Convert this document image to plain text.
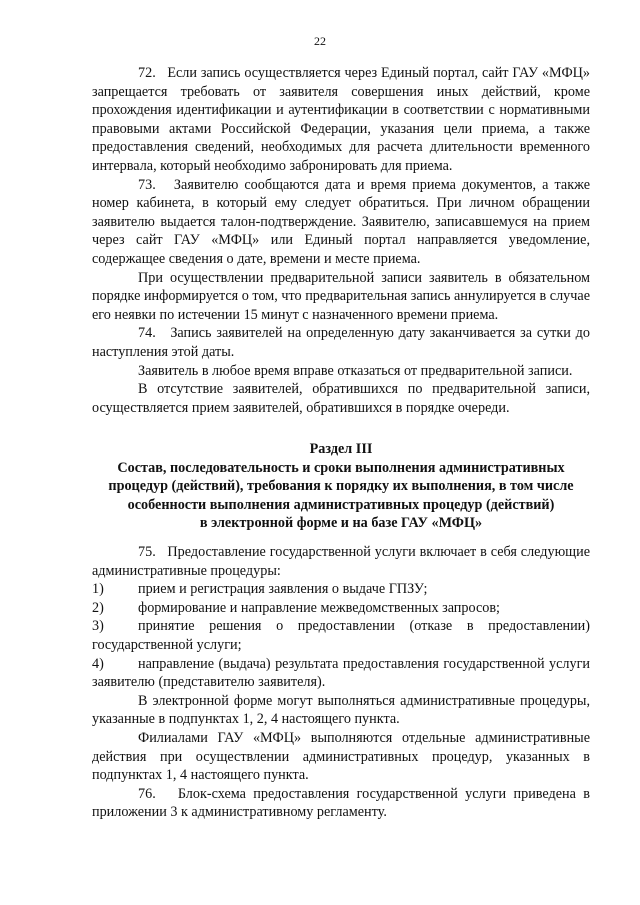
22

72.   Если запись осуществляется через Единый портал, сайт ГАУ «МФЦ» запрещается требовать от заявителя совершения иных действий, кроме прохождения идентификации и аутентификации в соответствии с нормативными правовыми актами Российской Федерации, указания цели приема, а также предоставления сведений, необходимых для расчета длительности временного интервала, который необходимо забронировать для приема.

73.   Заявителю сообщаются дата и время приема документов, а также номер кабинета, в который ему следует обратиться. При личном обращении заявителю выдается талон-подтверждение. Заявителю, записавшемуся на прием через сайт ГАУ «МФЦ» или Единый портал направляется уведомление, содержащее сведения о дате, времени и месте приема.

При осуществлении предварительной записи заявитель в обязательном порядке информируется о том, что предварительная запись аннулируется в случае его неявки по истечении 15 минут с назначенного времени приема.

74.   Запись заявителей на определенную дату заканчивается за сутки до наступления этой даты.

Заявитель в любое время вправе отказаться от предварительной записи.

В отсутствие заявителей, обратившихся по предварительной записи, осуществляется прием заявителей, обратившихся в порядке очереди.

Раздел III
Состав, последовательность и сроки выполнения административных
процедур (действий), требования к порядку их выполнения, в том числе
особенности выполнения административных процедур (действий)
в электронной форме и на базе ГАУ «МФЦ»

75.   Предоставление государственной услуги включает в себя следующие административные процедуры:

1) прием и регистрация заявления о выдаче ГПЗУ;

2) формирование и направление межведомственных запросов;

3) принятие решения о предоставлении (отказе в предоставлении) государственной услуги;

4) направление (выдача) результата предоставления государственной услуги заявителю (представителю заявителя).

В электронной форме могут выполняться административные процедуры, указанные в подпунктах 1, 2, 4 настоящего пункта.

Филиалами ГАУ «МФЦ» выполняются отдельные административные действия при осуществлении административных процедур, указанных в подпунктах 1, 4 настоящего пункта.

76.   Блок-схема предоставления государственной услуги приведена в приложении 3 к административному регламенту.
